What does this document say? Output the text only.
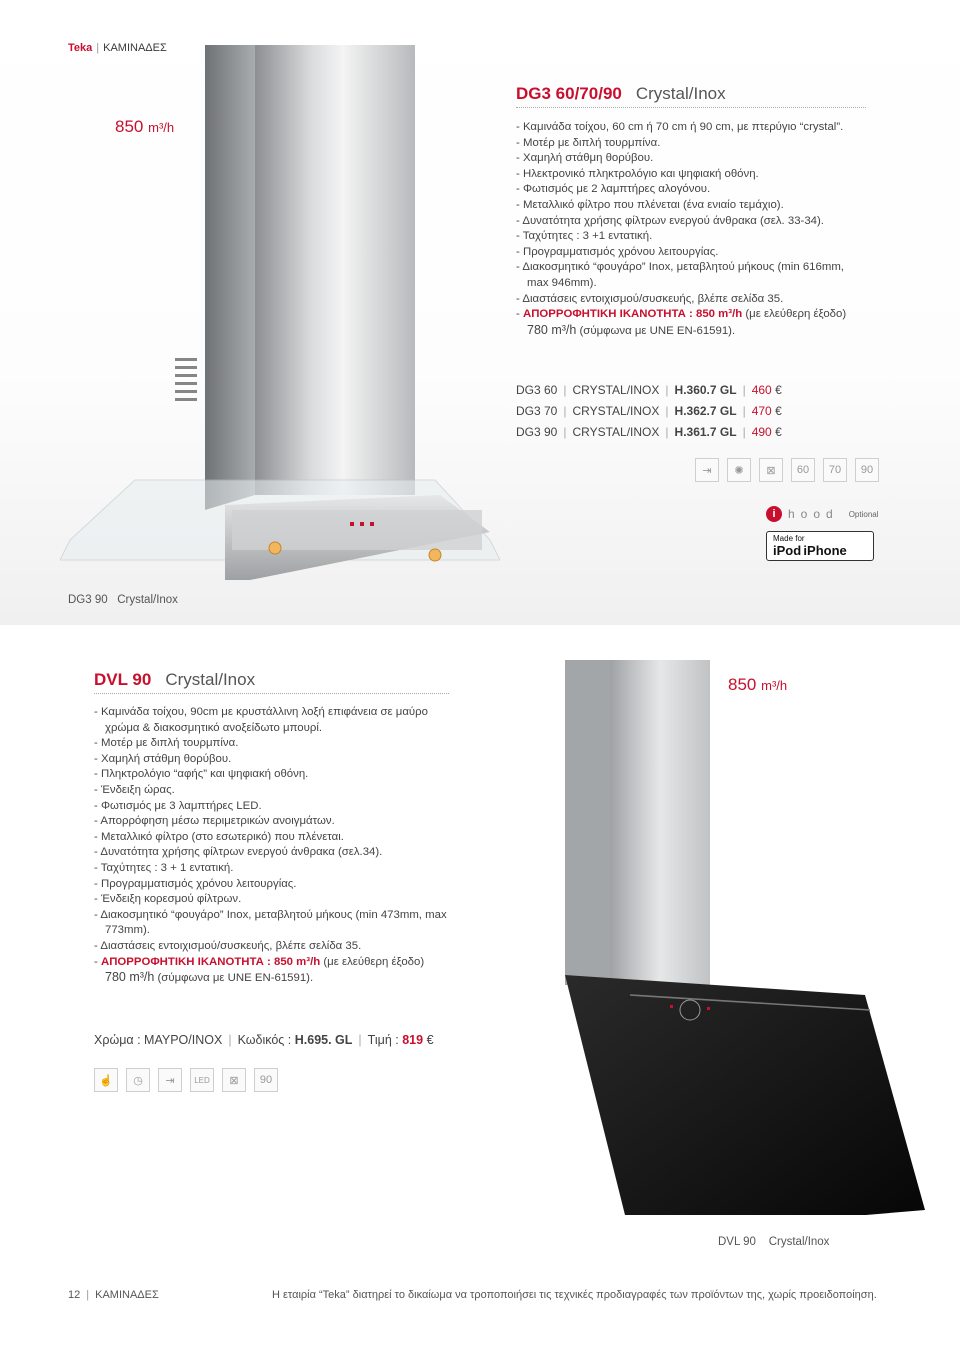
Teka | ΚΑΜΙΝΑΔΕΣ
850 m³/h
DG3 60/70/90 Crystal/Inox
- Καμινάδα τοίχου, 60 cm ή 70 cm ή 90 cm, με πτερύγιο “crystal”.
- Μοτέρ με διπλή τουρμπίνα.
- Χαμηλή στάθμη θορύβου.
- Ηλεκτρονικό πληκτρολόγιο και ψηφιακή οθόνη.
- Φωτισμός με 2 λαμπτήρες αλογόνου.
- Μεταλλικό φίλτρο που πλένεται (ένα ενιαίο τεμάχιο).
- Δυνατότητα χρήσης φίλτρων ενεργού άνθρακα (σελ. 33-34).
- Ταχύτητες : 3 +1 εντατική.
- Προγραμματισμός χρόνου λειτουργίας.
- Διακοσμητικό “φουγάρο” Inox, μεταβλητού μήκους (min 616mm, max 946mm).
- Διαστάσεις εντοιχισμού/συσκευής, βλέπε σελίδα 35.
- ΑΠΟΡΡΟΦΗΤΙΚΗ ΙΚΑΝΟΤΗΤΑ : 850 m³/h (με ελεύθερη έξοδο)
780 m³/h (σύμφωνα με UNE EN-61591).
DG3 60 | CRYSTAL/INOX | H.360.7 GL | 460 €
DG3 70 | CRYSTAL/INOX | H.362.7 GL | 470 €
DG3 90 | CRYSTAL/INOX | H.361.7 GL | 490 €
⇥	✺	⊠	60	70	90
i	hood Optional
Made for
iPod iPhone
DG3 90   Crystal/Inox
DVL 90 Crystal/Inox	850 m³/h
- Καμινάδα τοίχου, 90cm με κρυστάλλινη λοξή επιφάνεια σε μαύρο χρώμα & διακοσμητικό ανοξείδωτο μπουρί.
- Μοτέρ με διπλή τουρμπίνα.
- Χαμηλή στάθμη θορύβου.
- Πληκτρολόγιο “αφής” και ψηφιακή οθόνη.
- Ένδειξη ώρας.
- Φωτισμός με 3 λαμπτήρες LED.
- Απορρόφηση μέσω περιμετρικών ανοιγμάτων.
- Μεταλλικό φίλτρο (στο εσωτερικό) που πλένεται.
- Δυνατότητα χρήσης φίλτρων ενεργού άνθρακα (σελ.34).
- Ταχύτητες : 3 + 1 εντατική.
- Προγραμματισμός χρόνου λειτουργίας.
- Ένδειξη κορεσμού φίλτρων.
- Διακοσμητικό “φουγάρο” Inox, μεταβλητού μήκους (min 473mm, max 773mm).
- Διαστάσεις εντοιχισμού/συσκευής, βλέπε σελίδα 35.
- ΑΠΟΡΡΟΦΗΤΙΚΗ ΙΚΑΝΟΤΗΤΑ : 850 m³/h (με ελεύθερη έξοδο)
780 m³/h (σύμφωνα με UNE EN-61591).
Χρώμα : ΜΑΥΡΟ/INOX | Κωδικός : H.695. GL | Τιμή : 819 €
☝	◷	⇥	LED	⊠	90
DVL 90 Crystal/Inox
12 | ΚΑΜΙΝΑΔΕΣ	Η εταιρία “Teka” διατηρεί το δικαίωμα να τροποποιήσει τις τεχνικές προδιαγραφές των προϊόντων της, χωρίς προειδοποίηση.
